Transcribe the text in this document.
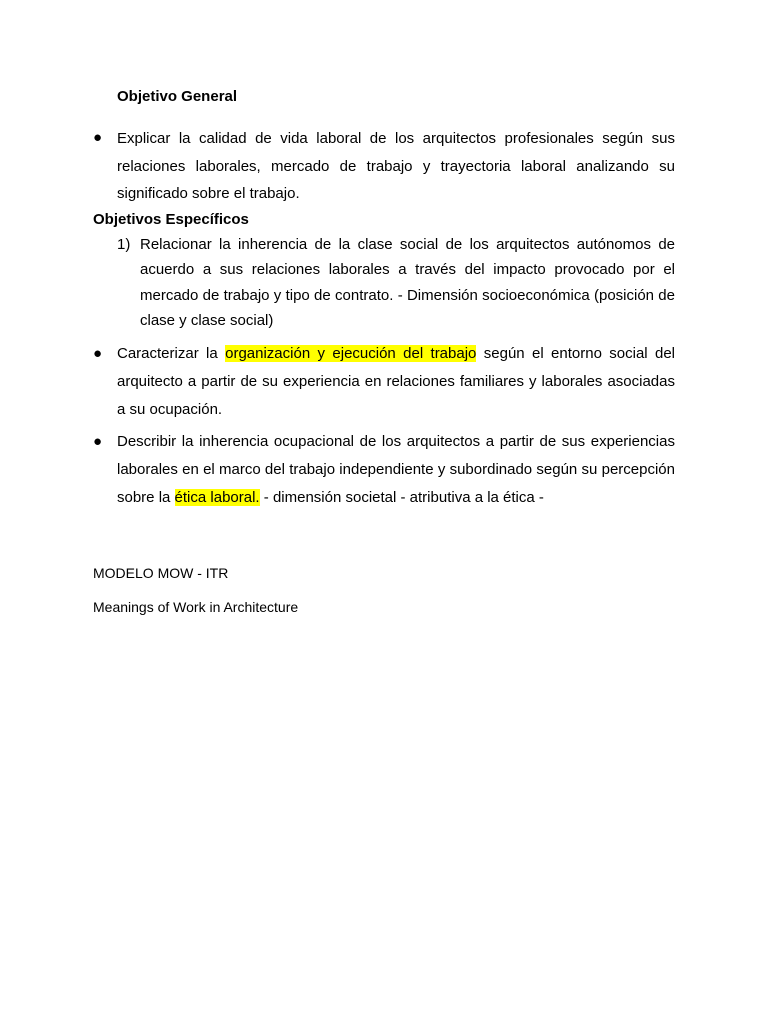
Objetivo General
● Explicar la calidad de vida laboral de los arquitectos profesionales según sus relaciones laborales, mercado de trabajo y trayectoria laboral analizando su significado sobre el trabajo.

Objetivos Específicos
1) Relacionar la inherencia de la clase social de los arquitectos autónomos de acuerdo a sus relaciones laborales a través del impacto provocado por el mercado de trabajo y tipo de contrato. - Dimensión socioeconómica (posición de clase y clase social)

● Caracterizar la organización y ejecución del trabajo según el entorno social del arquitecto a partir de su experiencia en relaciones familiares y laborales asociadas a su ocupación.

● Describir la inherencia ocupacional de los arquitectos a partir de sus experiencias laborales en el marco del trabajo independiente y subordinado según su percepción sobre la ética laboral. - dimensión societal - atributiva a la ética -

MODELO MOW - ITR

Meanings of Work in Architecture
